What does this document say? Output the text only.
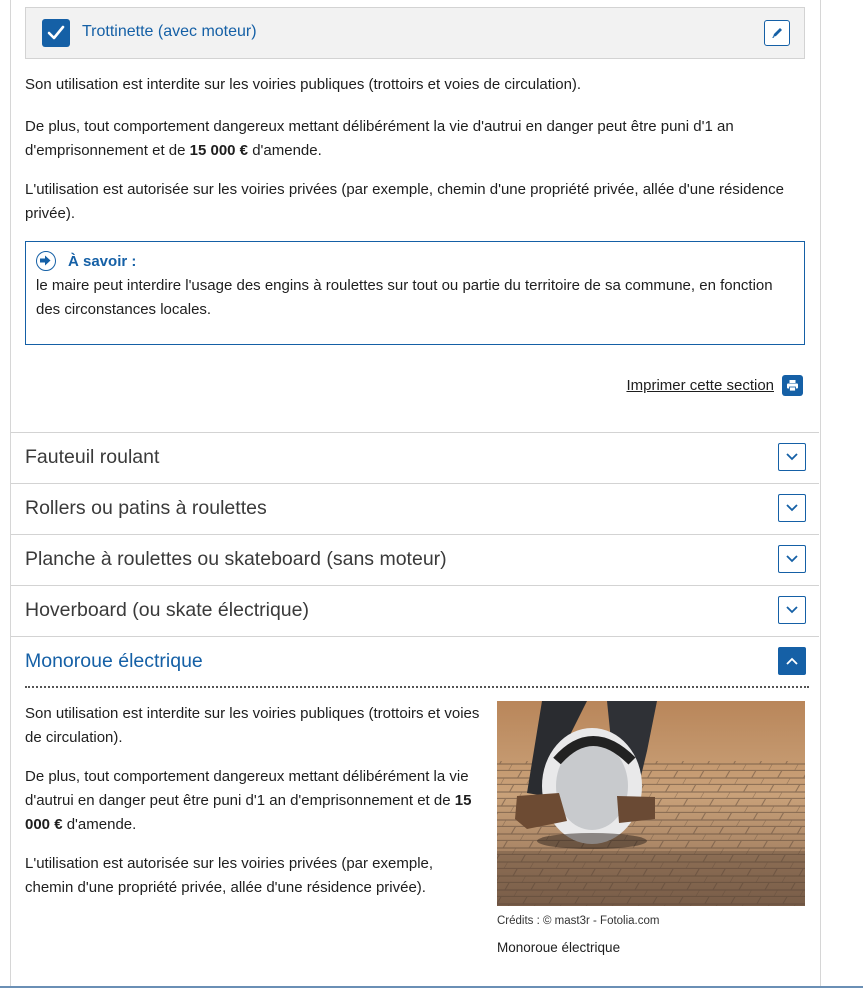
Trottinette (avec moteur)

Son utilisation est interdite sur les voiries publiques (trottoirs et voies de circulation).

De plus, tout comportement dangereux mettant délibérément la vie d'autrui en danger peut être puni d'1 an d'emprisonnement et de 15 000 € d'amende.

L'utilisation est autorisée sur les voiries privées (par exemple, chemin d'une propriété privée, allée d'une résidence privée).

À savoir :

le maire peut interdire l'usage des engins à roulettes sur tout ou partie du territoire de sa commune, en fonction des circonstances locales.

Imprimer cette section
Fauteuil roulant
Rollers ou patins à roulettes
Planche à roulettes ou skateboard (sans moteur)
Hoverboard (ou skate électrique)
Monoroue électrique

Son utilisation est interdite sur les voiries publiques (trottoirs et voies de circulation).

De plus, tout comportement dangereux mettant délibérément la vie d'autrui en danger peut être puni d'1 an d'emprisonnement et de 15 000 € d'amende.

L'utilisation est autorisée sur les voiries privées (par exemple, chemin d'une propriété privée, allée d'une résidence privée).

Crédits : © mast3r - Fotolia.com
Monoroue électrique
